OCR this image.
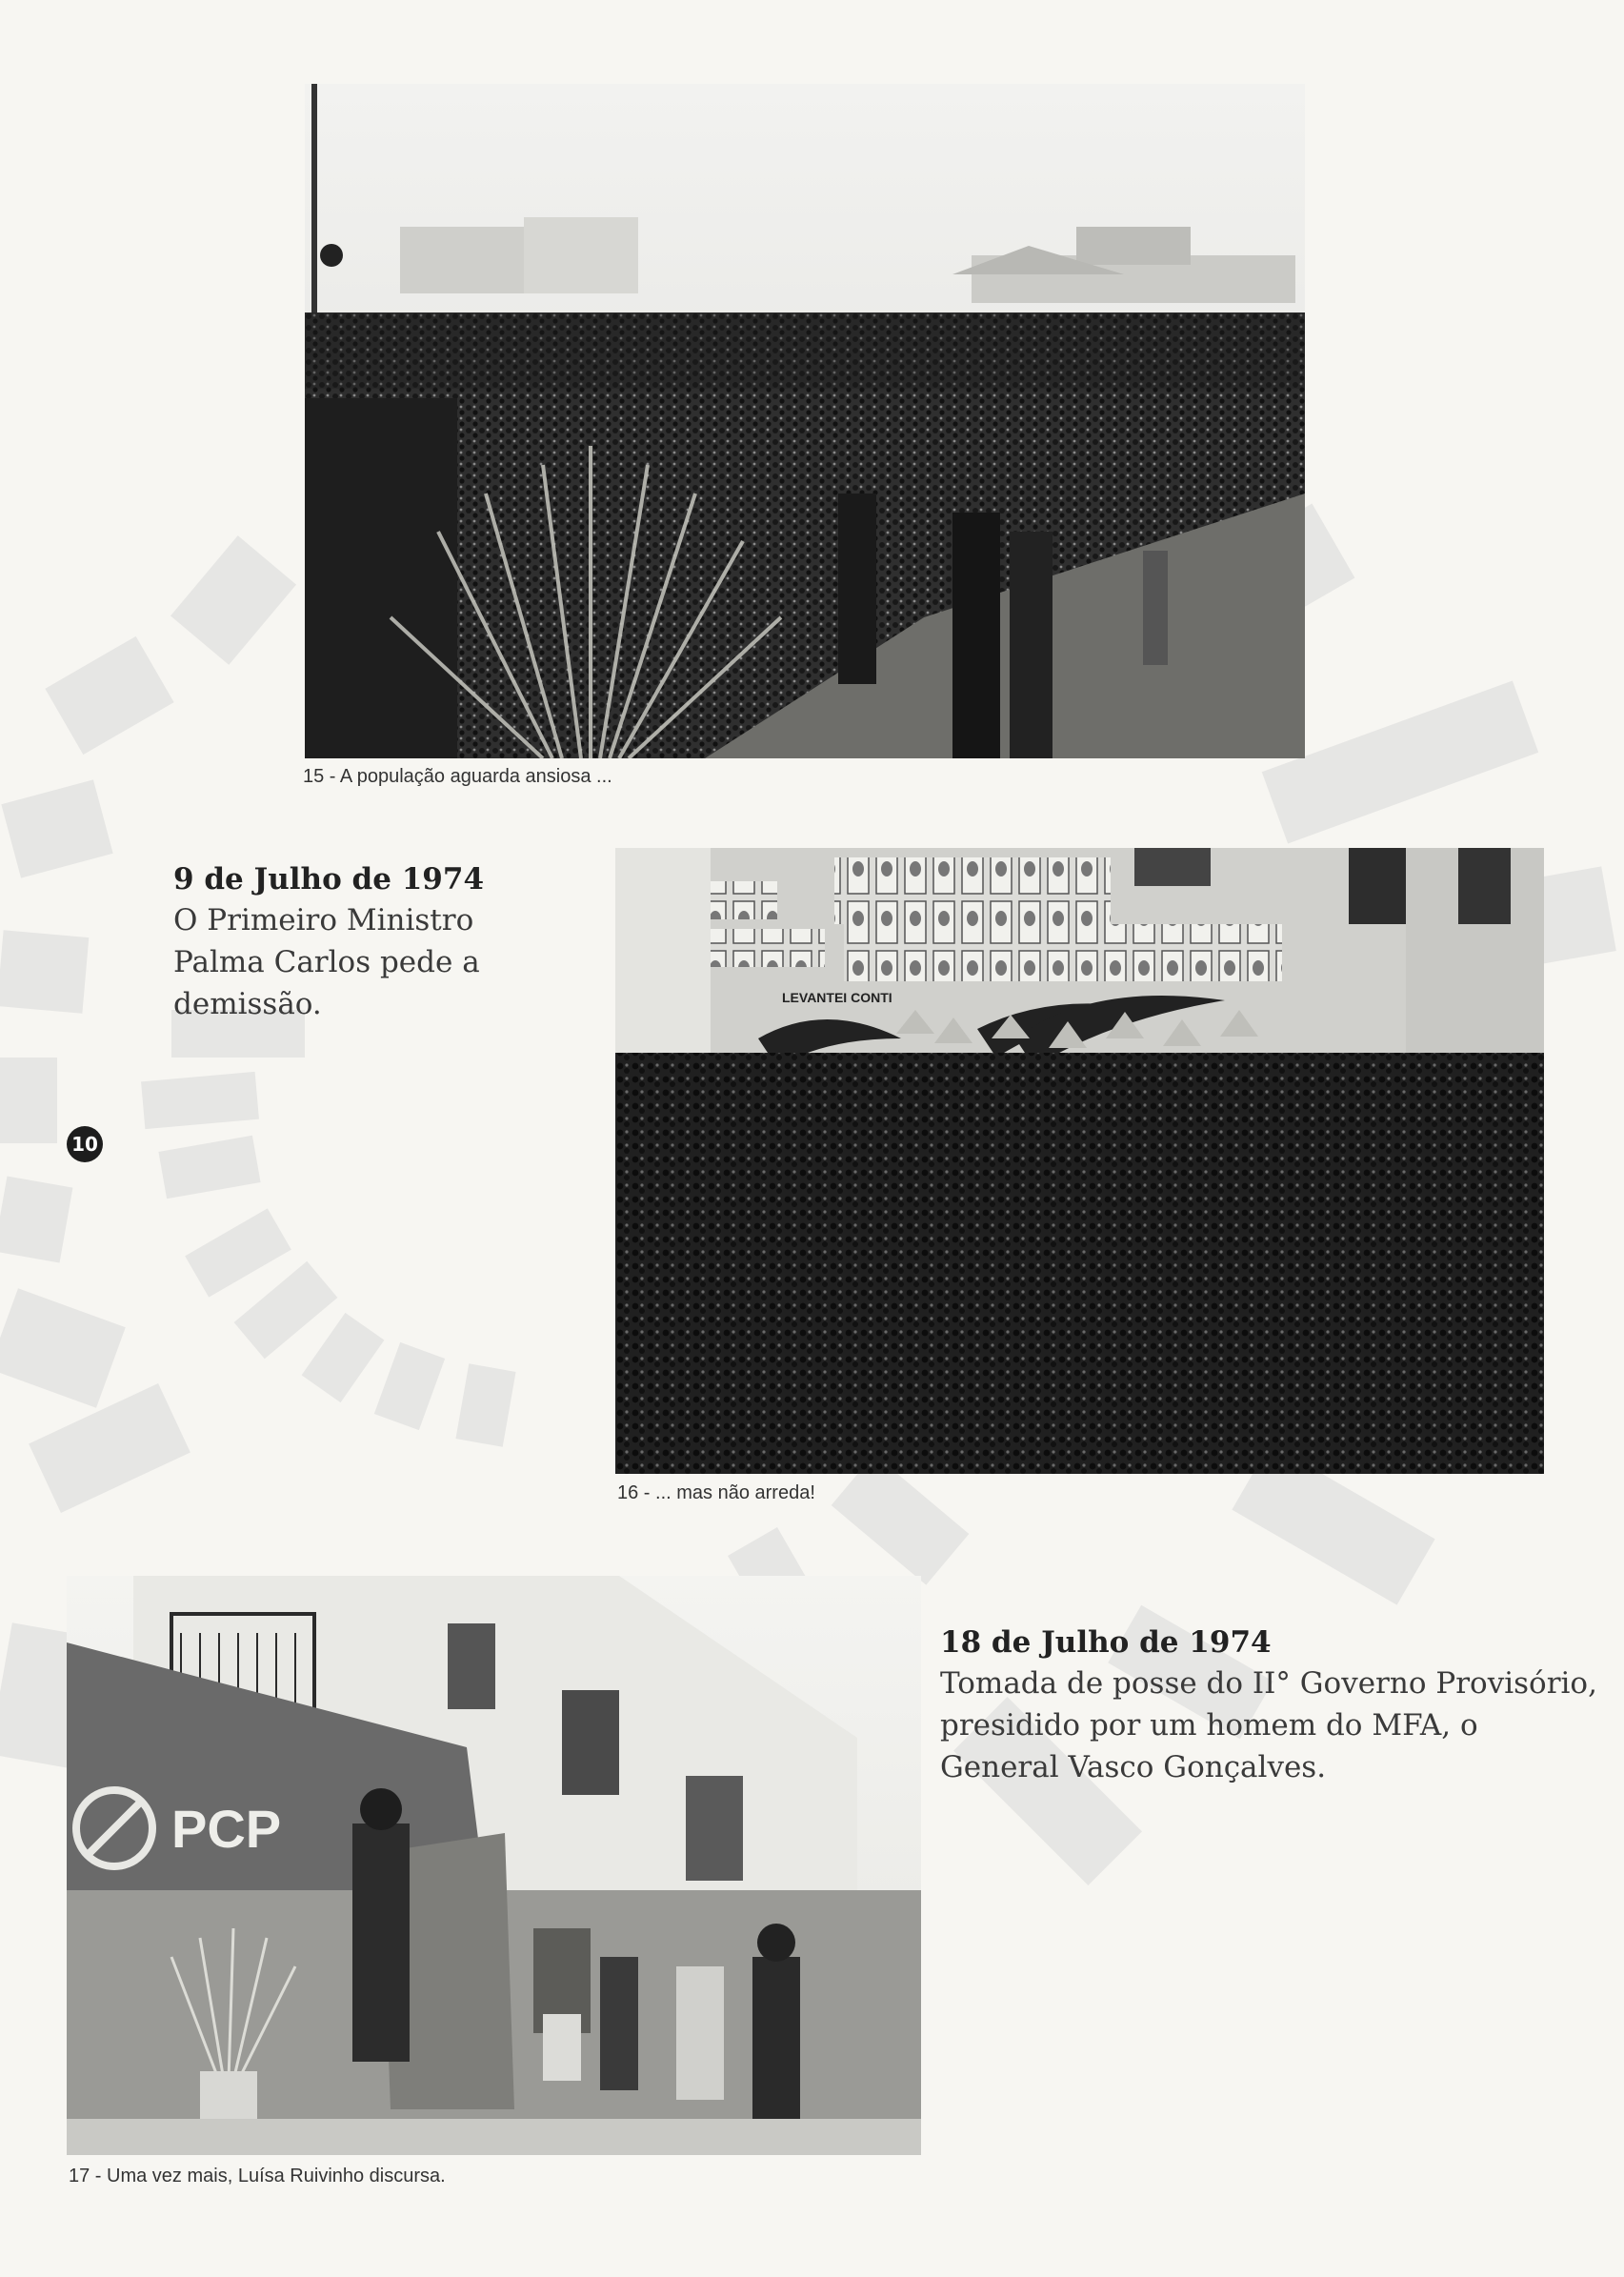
15 - A população aguarda ansiosa ...
9 de Julho de 1974
O Primeiro Ministro Palma Carlos pede a demissão.
10
LEVANTEI CONTI
16 - ... mas não arreda!
18 de Julho de 1974
Tomada de posse do II° Governo Provisório, presidido por um homem do MFA, o General Vasco Gonçalves.
PCP
17 - Uma vez mais, Luísa Ruivinho discursa.
